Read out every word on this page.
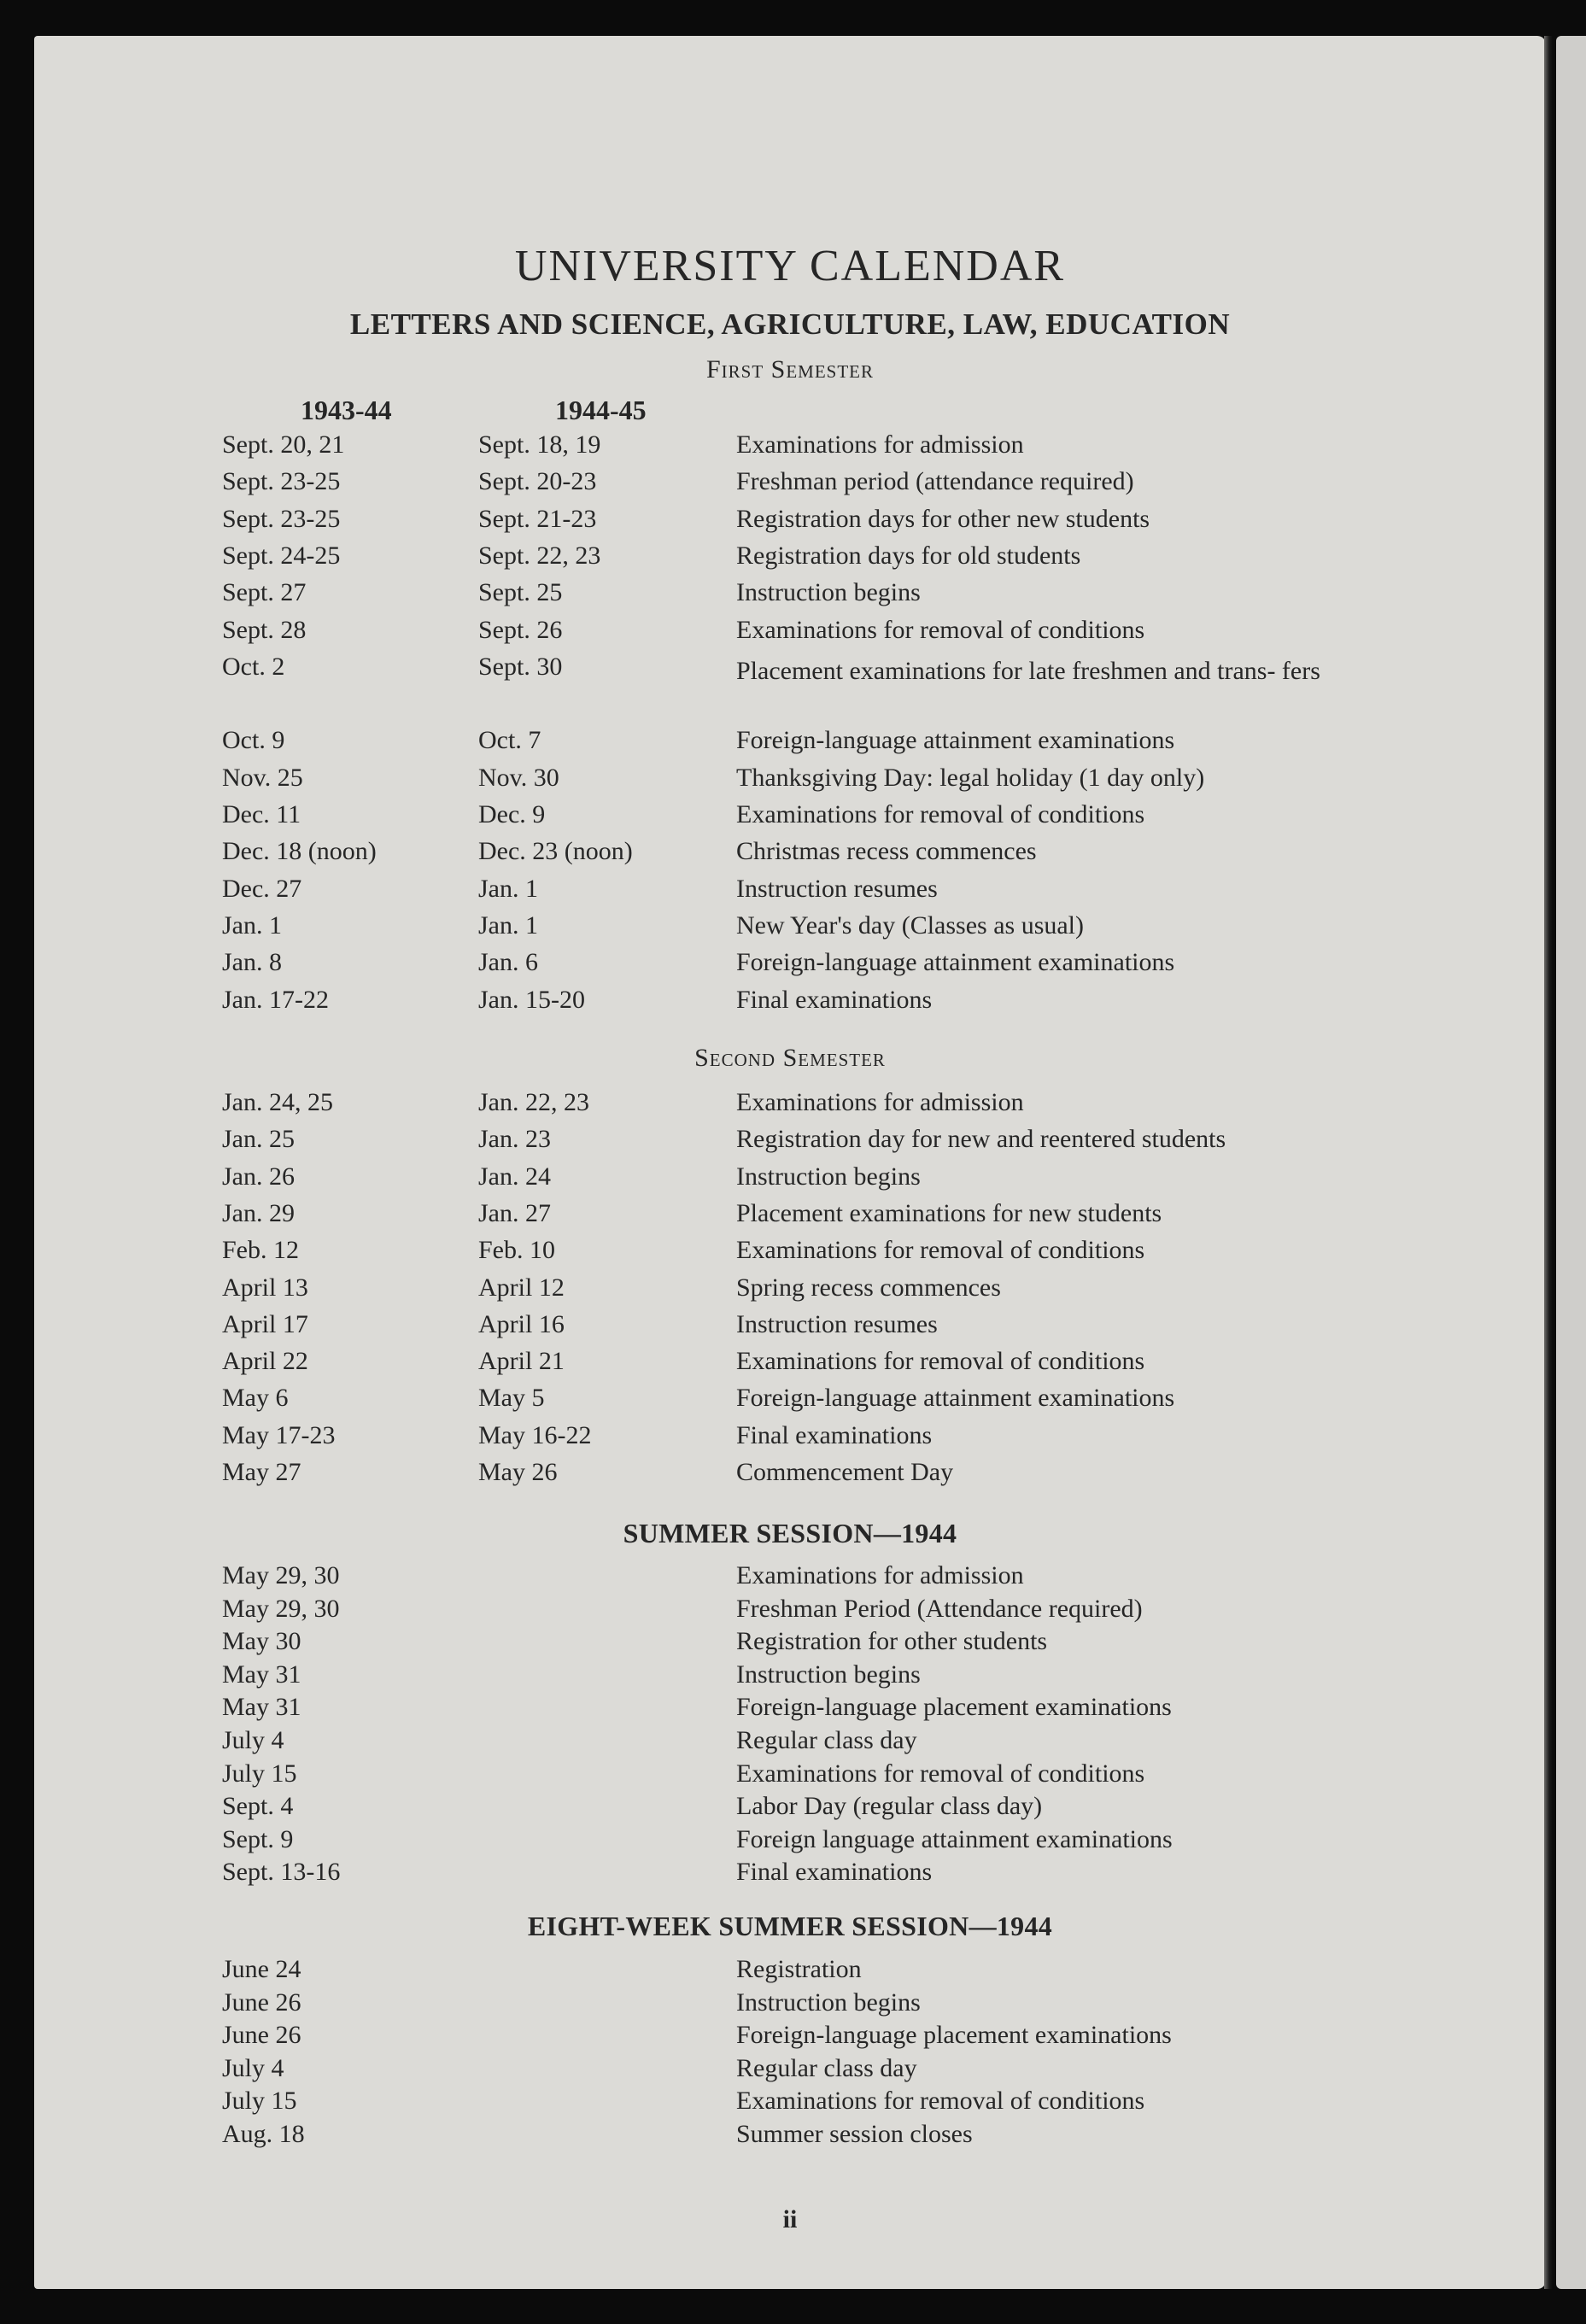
UNIVERSITY CALENDAR
LETTERS AND SCIENCE, AGRICULTURE, LAW, EDUCATION
First Semester
1943-44	1944-45
Sept. 20, 21	Sept. 18, 19	Examinations for admission
Sept. 23-25	Sept. 20-23	Freshman period (attendance required)
Sept. 23-25	Sept. 21-23	Registration days for other new students
Sept. 24-25	Sept. 22, 23	Registration days for old students
Sept. 27	Sept. 25	Instruction begins
Sept. 28	Sept. 26	Examinations for removal of conditions
Oct. 2	Sept. 30	Placement examinations for late freshmen and trans- fers
Oct. 9	Oct. 7	Foreign-language attainment examinations
Nov. 25	Nov. 30	Thanksgiving Day: legal holiday (1 day only)
Dec. 11	Dec. 9	Examinations for removal of conditions
Dec. 18 (noon)	Dec. 23 (noon)	Christmas recess commences
Dec. 27	Jan. 1	Instruction resumes
Jan. 1	Jan. 1	New Year's day (Classes as usual)
Jan. 8	Jan. 6	Foreign-language attainment examinations
Jan. 17-22	Jan. 15-20	Final examinations
Second Semester
Jan. 24, 25	Jan. 22, 23	Examinations for admission
Jan. 25	Jan. 23	Registration day for new and reentered students
Jan. 26	Jan. 24	Instruction begins
Jan. 29	Jan. 27	Placement examinations for new students
Feb. 12	Feb. 10	Examinations for removal of conditions
April 13	April 12	Spring recess commences
April 17	April 16	Instruction resumes
April 22	April 21	Examinations for removal of conditions
May 6	May 5	Foreign-language attainment examinations
May 17-23	May 16-22	Final examinations
May 27	May 26	Commencement Day
SUMMER SESSION—1944
May 29, 30	Examinations for admission
May 29, 30	Freshman Period (Attendance required)
May 30	Registration for other students
May 31	Instruction begins
May 31	Foreign-language placement examinations
July 4	Regular class day
July 15	Examinations for removal of conditions
Sept. 4	Labor Day (regular class day)
Sept. 9	Foreign language attainment examinations
Sept. 13-16	Final examinations
EIGHT-WEEK SUMMER SESSION—1944
June 24	Registration
June 26	Instruction begins
June 26	Foreign-language placement examinations
July 4	Regular class day
July 15	Examinations for removal of conditions
Aug. 18	Summer session closes
ii
